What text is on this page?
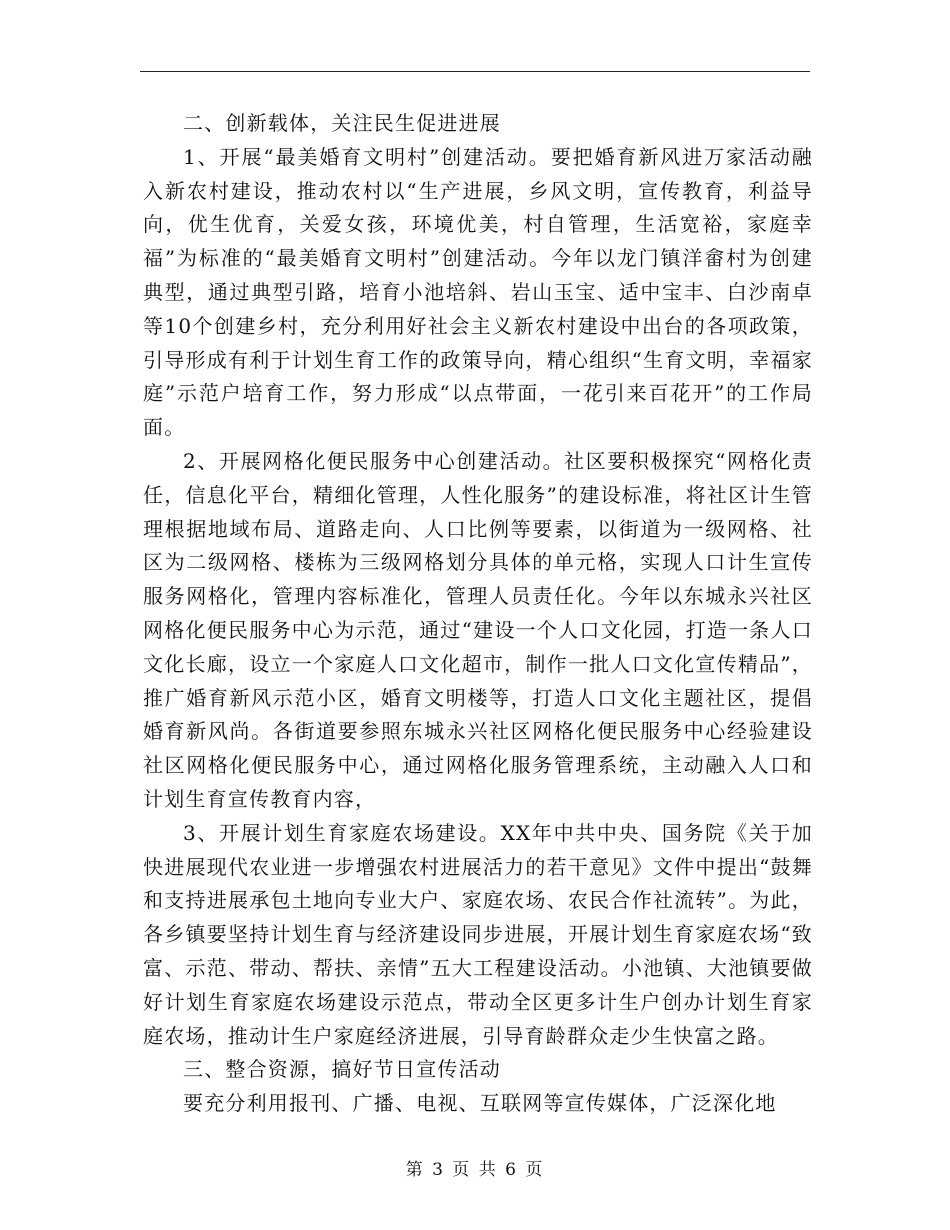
二、创新载体，关注民生促进进展

1、开展“最美婚育文明村”创建活动。要把婚育新风进万家活动融入新农村建设，推动农村以“生产进展，乡风文明，宣传教育，利益导向，优生优育，关爱女孩，环境优美，村自管理，生活宽裕，家庭幸福”为标准的“最美婚育文明村”创建活动。今年以龙门镇洋畲村为创建典型，通过典型引路，培育小池培斜、岩山玉宝、适中宝丰、白沙南卓等10个创建乡村，充分利用好社会主义新农村建设中出台的各项政策，引导形成有利于计划生育工作的政策导向，精心组织“生育文明，幸福家庭”示范户培育工作，努力形成“以点带面，一花引来百花开”的工作局面。

2、开展网格化便民服务中心创建活动。社区要积极探究“网格化责任，信息化平台，精细化管理，人性化服务”的建设标准，将社区计生管理根据地域布局、道路走向、人口比例等要素，以街道为一级网格、社区为二级网格、楼栋为三级网格划分具体的单元格，实现人口计生宣传服务网格化，管理内容标准化，管理人员责任化。今年以东城永兴社区网格化便民服务中心为示范，通过“建设一个人口文化园，打造一条人口文化长廊，设立一个家庭人口文化超市，制作一批人口文化宣传精品”，推广婚育新风示范小区，婚育文明楼等，打造人口文化主题社区，提倡婚育新风尚。各街道要参照东城永兴社区网格化便民服务中心经验建设社区网格化便民服务中心，通过网格化服务管理系统，主动融入人口和计划生育宣传教育内容，

3、开展计划生育家庭农场建设。XX年中共中央、国务院《关于加快进展现代农业进一步增强农村进展活力的若干意见》文件中提出“鼓舞和支持进展承包土地向专业大户、家庭农场、农民合作社流转”。为此，各乡镇要坚持计划生育与经济建设同步进展，开展计划生育家庭农场“致富、示范、带动、帮扶、亲情”五大工程建设活动。小池镇、大池镇要做好计划生育家庭农场建设示范点，带动全区更多计生户创办计划生育家庭农场，推动计生户家庭经济进展，引导育龄群众走少生快富之路。

三、整合资源，搞好节日宣传活动

要充分利用报刊、广播、电视、互联网等宣传媒体，广泛深化地

第 3 页 共 6 页
